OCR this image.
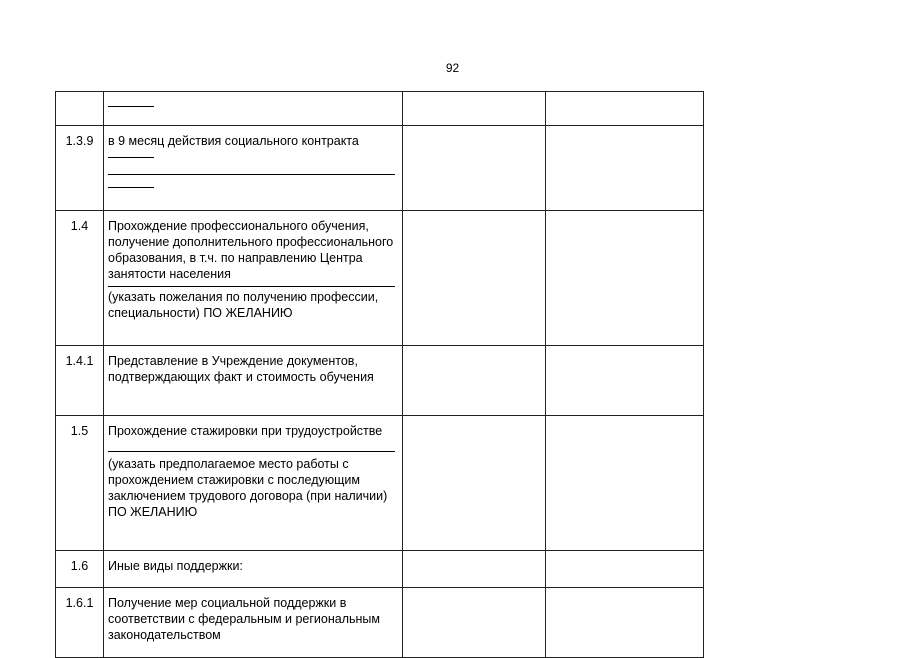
92

1.3.9	в 9 месяц действия социального контракта		

1.4	Прохождение профессионального обучения, получение дополнительного профессионального образования, в т.ч. по направлению Центра занятости населения
(указать пожелания по получению профессии, специальности) ПО ЖЕЛАНИЮ		

1.4.1	Представление в Учреждение документов, подтверждающих факт и стоимость обучения		

1.5	Прохождение стажировки при трудоустройстве
(указать предполагаемое место работы с прохождением стажировки с последующим заключением трудового договора (при наличии) ПО ЖЕЛАНИЮ		

1.6	Иные виды поддержки:		

1.6.1	Получение мер социальной поддержки в соответствии с федеральным и региональным законодательством		
